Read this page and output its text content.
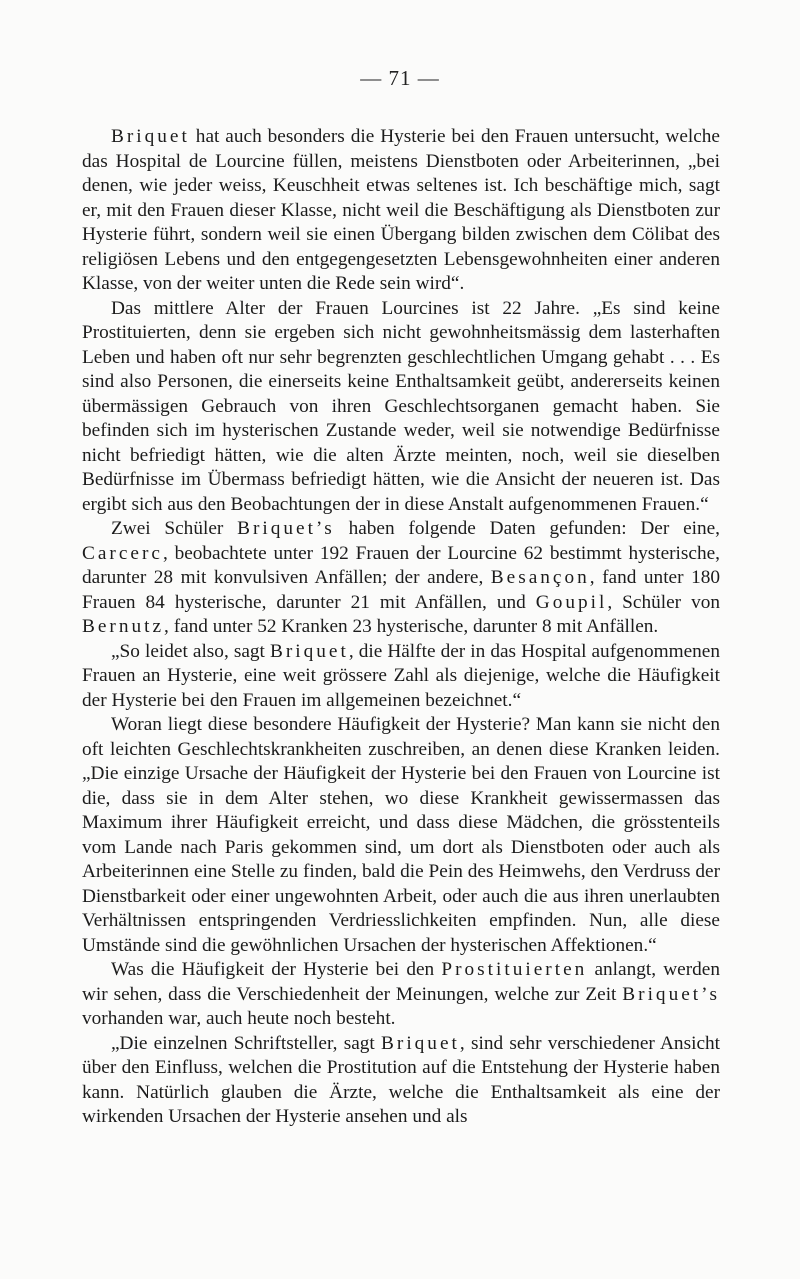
— 71 —

Briquet hat auch besonders die Hysterie bei den Frauen untersucht, welche das Hospital de Lourcine füllen, meistens Dienstboten oder Arbeiterinnen, „bei denen, wie jeder weiss, Keuschheit etwas seltenes ist. Ich beschäftige mich, sagt er, mit den Frauen dieser Klasse, nicht weil die Beschäftigung als Dienstboten zur Hysterie führt, sondern weil sie einen Übergang bilden zwischen dem Cölibat des religiösen Lebens und den entgegengesetzten Lebensgewohnheiten einer anderen Klasse, von der weiter unten die Rede sein wird“.

Das mittlere Alter der Frauen Lourcines ist 22 Jahre. „Es sind keine Prostituierten, denn sie ergeben sich nicht gewohnheitsmässig dem lasterhaften Leben und haben oft nur sehr begrenzten geschlechtlichen Umgang gehabt . . . Es sind also Personen, die einerseits keine Enthaltsamkeit geübt, andererseits keinen übermässigen Gebrauch von ihren Geschlechtsorganen gemacht haben. Sie befinden sich im hysterischen Zustande weder, weil sie notwendige Bedürfnisse nicht befriedigt hätten, wie die alten Ärzte meinten, noch, weil sie dieselben Bedürfnisse im Übermass befriedigt hätten, wie die Ansicht der neueren ist. Das ergibt sich aus den Beobachtungen der in diese Anstalt aufgenommenen Frauen.“

Zwei Schüler Briquet’s haben folgende Daten gefunden: Der eine, Carcerc, beobachtete unter 192 Frauen der Lourcine 62 bestimmt hysterische, darunter 28 mit konvulsiven Anfällen; der andere, Besançon, fand unter 180 Frauen 84 hysterische, darunter 21 mit Anfällen, und Goupil, Schüler von Bernutz, fand unter 52 Kranken 23 hysterische, darunter 8 mit Anfällen.

„So leidet also, sagt Briquet, die Hälfte der in das Hospital aufgenommenen Frauen an Hysterie, eine weit grössere Zahl als diejenige, welche die Häufigkeit der Hysterie bei den Frauen im allgemeinen bezeichnet.“

Woran liegt diese besondere Häufigkeit der Hysterie? Man kann sie nicht den oft leichten Geschlechtskrankheiten zuschreiben, an denen diese Kranken leiden. „Die einzige Ursache der Häufigkeit der Hysterie bei den Frauen von Lourcine ist die, dass sie in dem Alter stehen, wo diese Krankheit gewissermassen das Maximum ihrer Häufigkeit erreicht, und dass diese Mädchen, die grösstenteils vom Lande nach Paris gekommen sind, um dort als Dienstboten oder auch als Arbeiterinnen eine Stelle zu finden, bald die Pein des Heimwehs, den Verdruss der Dienstbarkeit oder einer ungewohnten Arbeit, oder auch die aus ihren unerlaubten Verhältnissen entspringenden Verdriesslichkeiten empfinden. Nun, alle diese Umstände sind die gewöhnlichen Ursachen der hysterischen Affektionen.“

Was die Häufigkeit der Hysterie bei den Prostituierten anlangt, werden wir sehen, dass die Verschiedenheit der Meinungen, welche zur Zeit Briquet’s vorhanden war, auch heute noch besteht.

„Die einzelnen Schriftsteller, sagt Briquet, sind sehr verschiedener Ansicht über den Einfluss, welchen die Prostitution auf die Entstehung der Hysterie haben kann. Natürlich glauben die Ärzte, welche die Enthaltsamkeit als eine der wirkenden Ursachen der Hysterie ansehen und als
